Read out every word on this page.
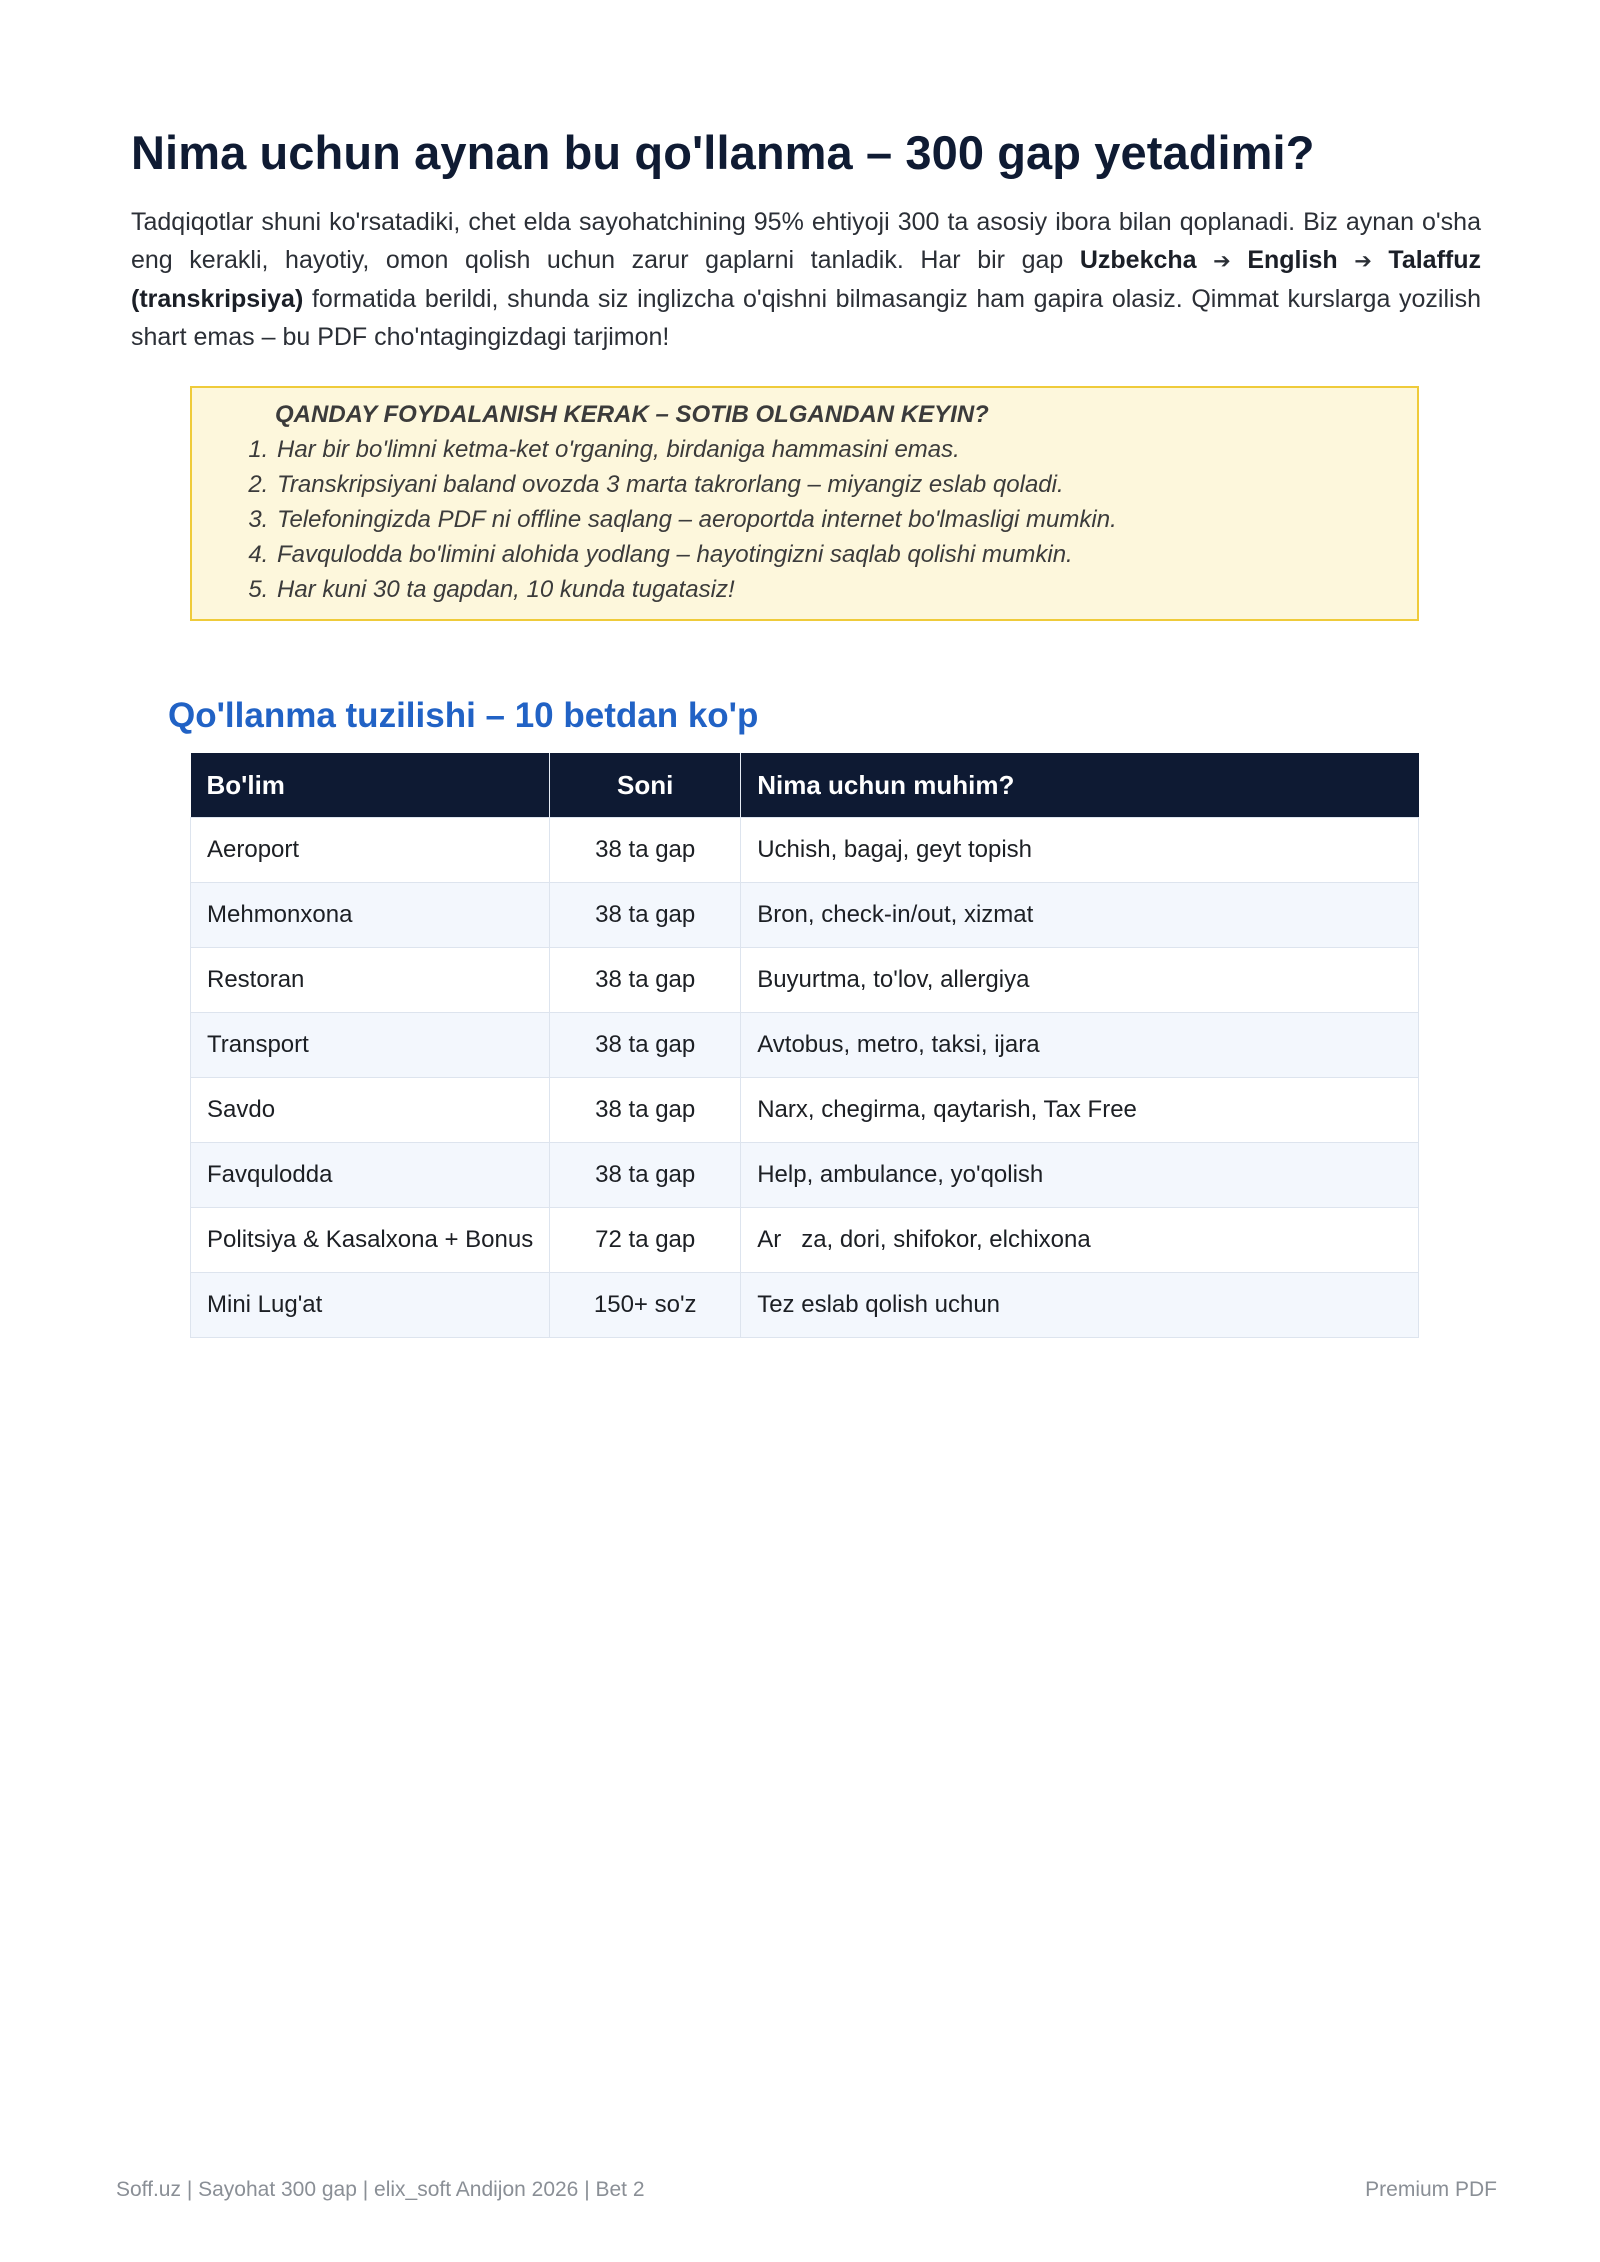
Nima uchun aynan bu qo'llanma – 300 gap yetadimi?

Tadqiqotlar shuni ko'rsatadiki, chet elda sayohatchining 95% ehtiyoji 300 ta asosiy ibora bilan qoplanadi. Biz aynan o'sha eng kerakli, hayotiy, omon qolish uchun zarur gaplarni tanladik. Har bir gap Uzbekcha ➔ English ➔ Talaffuz (transkripsiya) formatida berildi, shunda siz inglizcha o'qishni bilmasangiz ham gapira olasiz. Qimmat kurslarga yozilish shart emas – bu PDF cho'ntagingizdagi tarjimon!

QANDAY FOYDALANISH KERAK – SOTIB OLGANDAN KEYIN?
1. Har bir bo'limni ketma-ket o'rganing, birdaniga hammasini emas.
2. Transkripsiyani baland ovozda 3 marta takrorlang – miyangiz eslab qoladi.
3. Telefoningizda PDF ni offline saqlang – aeroportda internet bo'lmasligi mumkin.
4. Favqulodda bo'limini alohida yodlang – hayotingizni saqlab qolishi mumkin.
5. Har kuni 30 ta gapdan, 10 kunda tugatasiz!
Qo'llanma tuzilishi – 10 betdan ko'p
Bo'lim	Soni	Nima uchun muhim?
Aeroport	38 ta gap	Uchish, bagaj, geyt topish
Mehmonxona	38 ta gap	Bron, check-in/out, xizmat
Restoran	38 ta gap	Buyurtma, to'lov, allergiya
Transport	38 ta gap	Avtobus, metro, taksi, ijara
Savdo	38 ta gap	Narx, chegirma, qaytarish, Tax Free
Favqulodda	38 ta gap	Help, ambulance, yo'qolish
Politsiya & Kasalxona + Bonus	72 ta gap	Ar   za, dori, shifokor, elchixona
Mini Lug'at	150+ so'z	Tez eslab qolish uchun
Soff.uz | Sayohat 300 gap | elix_soft Andijon 2026 | Bet 2	Premium PDF
